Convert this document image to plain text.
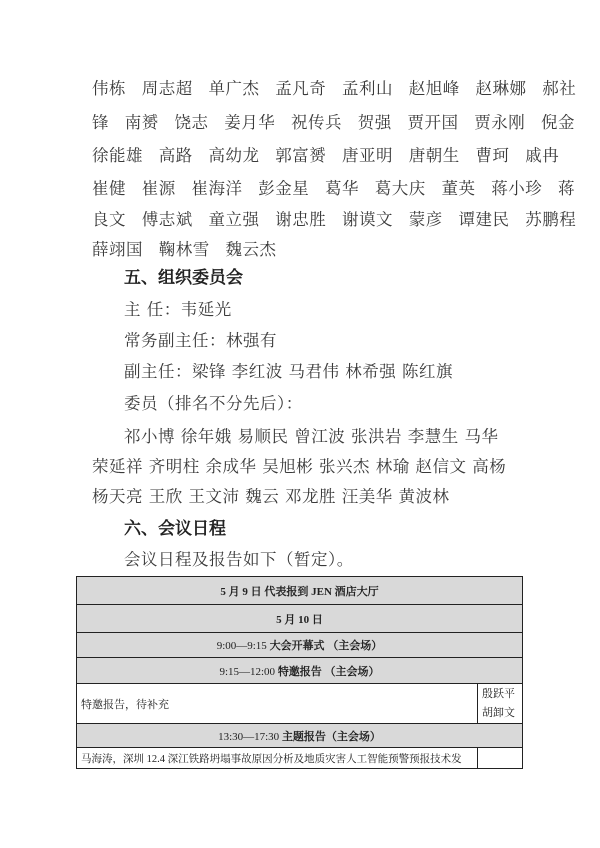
伟栋 周志超 单广杰 孟凡奇 孟利山 赵旭峰 赵琳娜 郝社
锋 南赟 饶志 姜月华 祝传兵 贺强 贾开国 贾永刚 倪金
徐能雄 高路 高幼龙 郭富赟 唐亚明 唐朝生 曹珂 戚冉
崔健 崔源 崔海洋 彭金星 葛华 葛大庆 董英 蒋小珍 蒋
良文 傅志斌 童立强 谢忠胜 谢谟文 蒙彦 谭建民 苏鹏程
薛翊国 鞠林雪 魏云杰
五、组织委员会
主 任：韦延光
常务副主任：林强有
副主任：梁锋 李红波 马君伟 林希强 陈红旗
委员（排名不分先后）：
祁小博 徐年娥 易顺民 曾江波 张洪岩 李慧生 马华
荣延祥 齐明柱 余成华 吴旭彬 张兴杰 林瑜 赵信文 高杨
杨天亮 王欣 王文沛 魏云 邓龙胜 汪美华 黄波林
六、会议日程
会议日程及报告如下（暂定）。
5 月 9 日 代表报到 JEN 酒店大厅	
5 月 10 日	
9:00—9:15 大会开幕式 （主会场）	
9:15—12:00 特邀报告 （主会场）	
特邀报告，待补充	殷跃平
胡卸文

13:30—17:30 主题报告（主会场）	
马海涛，深圳 12.4 深江铁路坍塌事故原因分析及地质灾害人工智能预警预报技术发	
